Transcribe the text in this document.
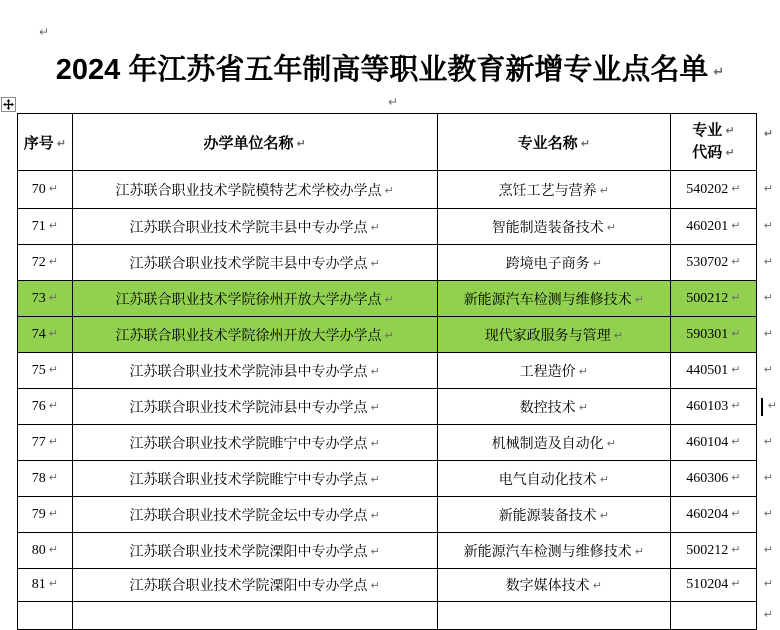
↵
2024 年江苏省五年制高等职业教育新增专业点名单 ↵
↵
序号 ↵	办学单位名称 ↵	专业名称 ↵	专业 ↵
代码 ↵	↵
70 ↵	江苏联合职业技术学院模特艺术学校办学点 ↵	烹饪工艺与营养 ↵	540202 ↵	↵
71 ↵	江苏联合职业技术学院丰县中专办学点 ↵	智能制造装备技术 ↵	460201 ↵	↵
72 ↵	江苏联合职业技术学院丰县中专办学点 ↵	跨境电子商务 ↵	530702 ↵	↵
73 ↵	江苏联合职业技术学院徐州开放大学办学点 ↵	新能源汽车检测与维修技术 ↵	500212 ↵	↵
74 ↵	江苏联合职业技术学院徐州开放大学办学点 ↵	现代家政服务与管理 ↵	590301 ↵	↵
75 ↵	江苏联合职业技术学院沛县中专办学点 ↵	工程造价 ↵	440501 ↵	↵
76 ↵	江苏联合职业技术学院沛县中专办学点 ↵	数控技术 ↵	460103 ↵	↵
77 ↵	江苏联合职业技术学院睢宁中专办学点 ↵	机械制造及自动化 ↵	460104 ↵	↵
78 ↵	江苏联合职业技术学院睢宁中专办学点 ↵	电气自动化技术 ↵	460306 ↵	↵
79 ↵	江苏联合职业技术学院金坛中专办学点 ↵	新能源装备技术 ↵	460204 ↵	↵
80 ↵	江苏联合职业技术学院溧阳中专办学点 ↵	新能源汽车检测与维修技术 ↵	500212 ↵	↵
81 ↵	江苏联合职业技术学院溧阳中专办学点 ↵	数字媒体技术 ↵	510204 ↵	↵
				↵
